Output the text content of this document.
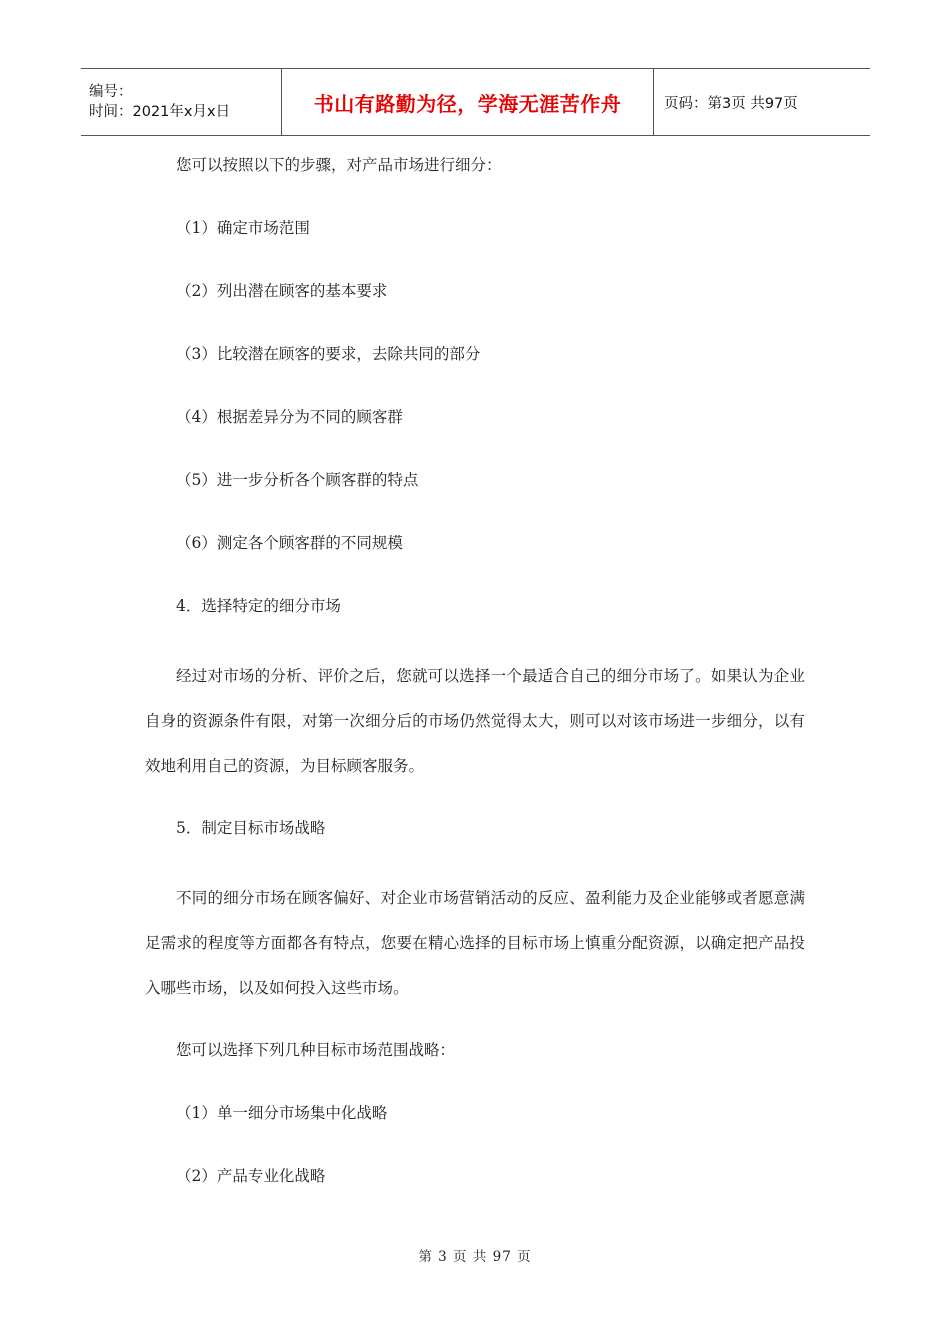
编号：
时间：2021年x月x日	书山有路勤为径，学海无涯苦作舟	页码：第3页 共97页

您可以按照以下的步骤，对产品市场进行细分：

（1）确定市场范围

（2）列出潜在顾客的基本要求

（3）比较潜在顾客的要求，去除共同的部分

（4）根据差异分为不同的顾客群

（5）进一步分析各个顾客群的特点

（6）测定各个顾客群的不同规模

4．选择特定的细分市场

经过对市场的分析、评价之后，您就可以选择一个最适合自己的细分市场了。如果认为企业自身的资源条件有限，对第一次细分后的市场仍然觉得太大，则可以对该市场进一步细分，以有效地利用自己的资源，为目标顾客服务。

5．制定目标市场战略

不同的细分市场在顾客偏好、对企业市场营销活动的反应、盈利能力及企业能够或者愿意满足需求的程度等方面都各有特点，您要在精心选择的目标市场上慎重分配资源，以确定把产品投入哪些市场，以及如何投入这些市场。

您可以选择下列几种目标市场范围战略：

（1）单一细分市场集中化战略

（2）产品专业化战略

第 3 页 共 97 页
